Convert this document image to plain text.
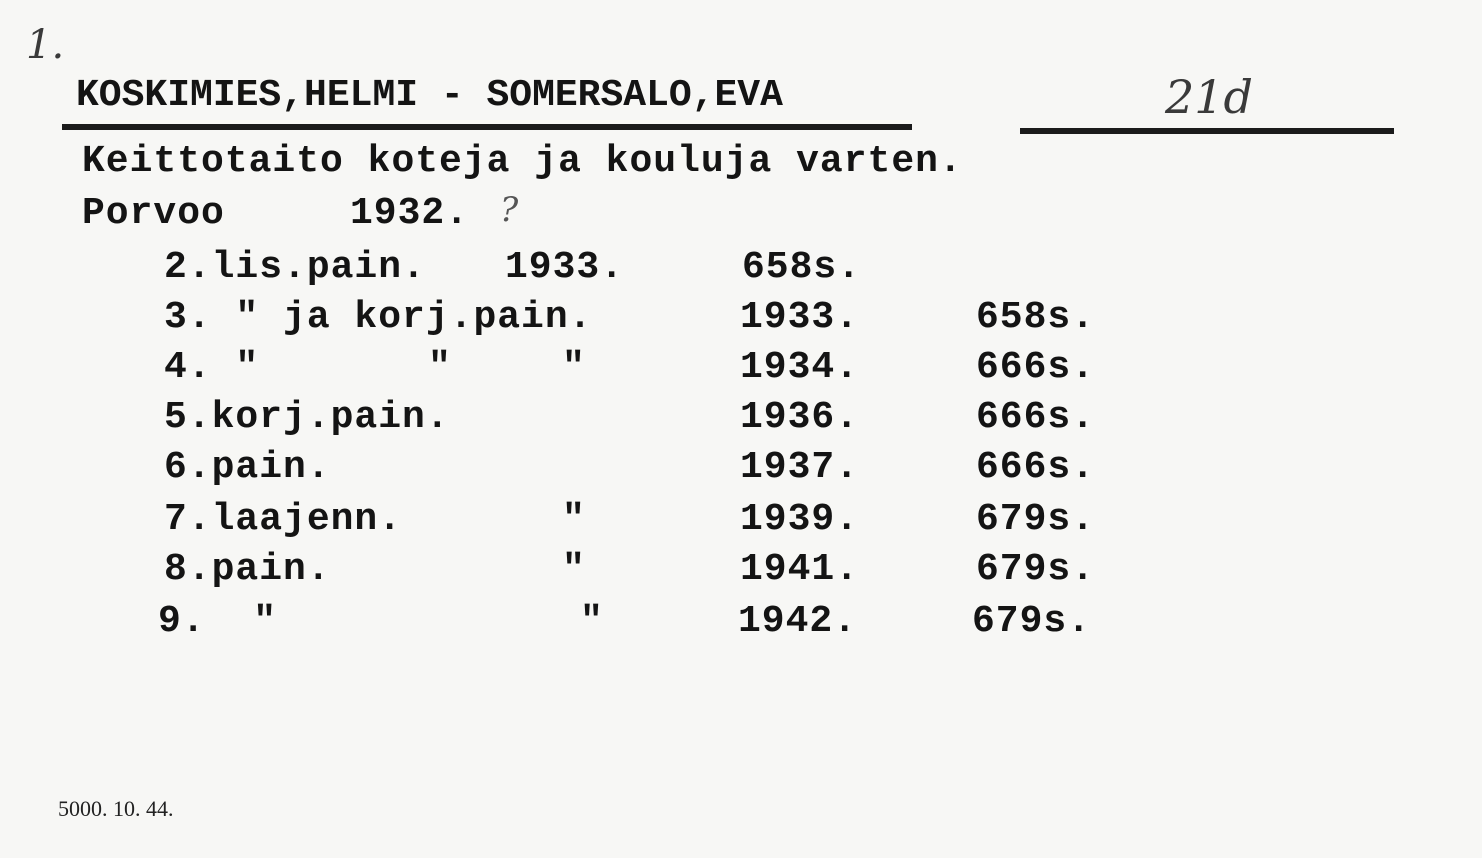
1.
KOSKIMIES,HELMI - SOMERSALO,EVA	21d
Keittotaito koteja ja kouluja varten.
Porvoo	1932. ?
2.lis.pain. 1933.	658s.
3. " ja korj.pain.	1933.	658s.
4. "	"	"	1934.	666s.
5.korj.pain.	1936.	666s.
6.pain.	1937.	666s.
7.laajenn.	"	1939.	679s.
8.pain.	"	1941.	679s.
9.  "	"	1942.	679s.
5000. 10. 44.
